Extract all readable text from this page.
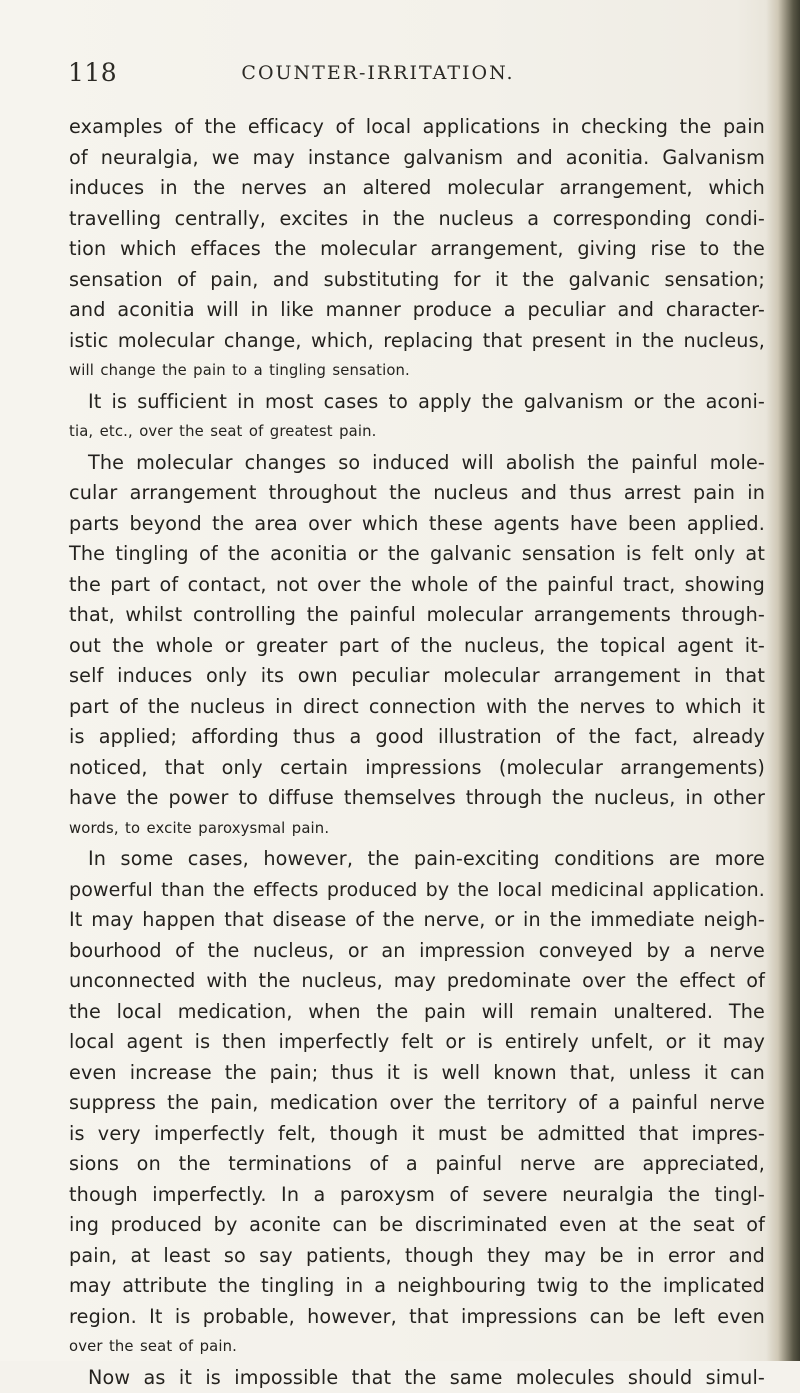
118	COUNTER-IRRITATION.
examples of the efficacy of local applications in checking the pain
of neuralgia, we may instance galvanism and aconitia. Galvanism
induces in the nerves an altered molecular arrangement, which
travelling centrally, excites in the nucleus a corresponding condi-
tion which effaces the molecular arrangement, giving rise to the
sensation of pain, and substituting for it the galvanic sensation;
and aconitia will in like manner produce a peculiar and character-
istic molecular change, which, replacing that present in the nucleus,
will change the pain to a tingling sensation.
It is sufficient in most cases to apply the galvanism or the aconi-
tia, etc., over the seat of greatest pain.
The molecular changes so induced will abolish the painful mole-
cular arrangement throughout the nucleus and thus arrest pain in
parts beyond the area over which these agents have been applied.
The tingling of the aconitia or the galvanic sensation is felt only at
the part of contact, not over the whole of the painful tract, showing
that, whilst controlling the painful molecular arrangements through-
out the whole or greater part of the nucleus, the topical agent it-
self induces only its own peculiar molecular arrangement in that
part of the nucleus in direct connection with the nerves to which it
is applied; affording thus a good illustration of the fact, already
noticed, that only certain impressions (molecular arrangements)
have the power to diffuse themselves through the nucleus, in other
words, to excite paroxysmal pain.
In some cases, however, the pain-exciting conditions are more
powerful than the effects produced by the local medicinal application.
It may happen that disease of the nerve, or in the immediate neigh-
bourhood of the nucleus, or an impression conveyed by a nerve
unconnected with the nucleus, may predominate over the effect of
the local medication, when the pain will remain unaltered. The
local agent is then imperfectly felt or is entirely unfelt, or it may
even increase the pain; thus it is well known that, unless it can
suppress the pain, medication over the territory of a painful nerve
is very imperfectly felt, though it must be admitted that impres-
sions on the terminations of a painful nerve are appreciated,
though imperfectly. In a paroxysm of severe neuralgia the tingl-
ing produced by aconite can be discriminated even at the seat of
pain, at least so say patients, though they may be in error and
may attribute the tingling in a neighbouring twig to the implicated
region. It is probable, however, that impressions can be left even
over the seat of pain.
Now as it is impossible that the same molecules should simul-
